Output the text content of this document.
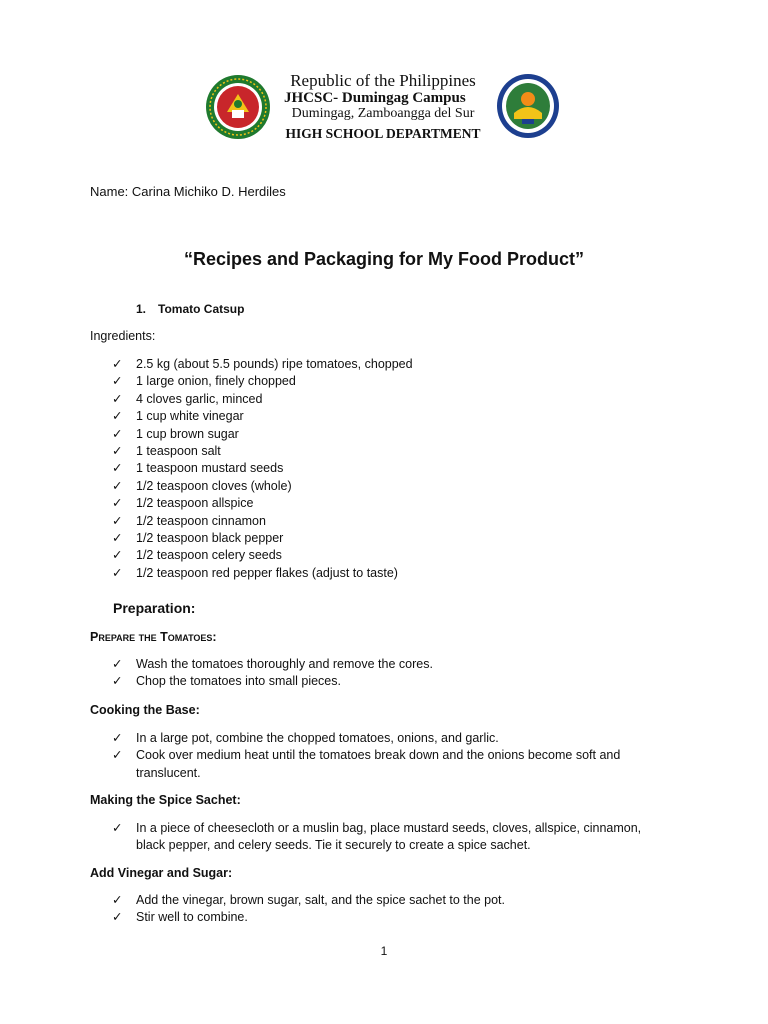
Republic of the Philippines
JHCSC- Dumingag Campus
Dumingag, Zamboangga del Sur
HIGH SCHOOL DEPARTMENT
Name: Carina Michiko D. Herdiles
“Recipes and Packaging for My Food Product”
1. Tomato Catsup
Ingredients:
✓ 2.5 kg (about 5.5 pounds) ripe tomatoes, chopped
✓ 1 large onion, finely chopped
✓ 4 cloves garlic, minced
✓ 1 cup white vinegar
✓ 1 cup brown sugar
✓ 1 teaspoon salt
✓ 1 teaspoon mustard seeds
✓ 1/2 teaspoon cloves (whole)
✓ 1/2 teaspoon allspice
✓ 1/2 teaspoon cinnamon
✓ 1/2 teaspoon black pepper
✓ 1/2 teaspoon celery seeds
✓ 1/2 teaspoon red pepper flakes (adjust to taste)
Preparation:
Prepare the Tomatoes:
✓ Wash the tomatoes thoroughly and remove the cores.
✓ Chop the tomatoes into small pieces.
Cooking the Base:
✓ In a large pot, combine the chopped tomatoes, onions, and garlic.
✓ Cook over medium heat until the tomatoes break down and the onions become soft and translucent.
Making the Spice Sachet:
✓ In a piece of cheesecloth or a muslin bag, place mustard seeds, cloves, allspice, cinnamon, black pepper, and celery seeds. Tie it securely to create a spice sachet.
Add Vinegar and Sugar:
✓ Add the vinegar, brown sugar, salt, and the spice sachet to the pot.
✓ Stir well to combine.
1
